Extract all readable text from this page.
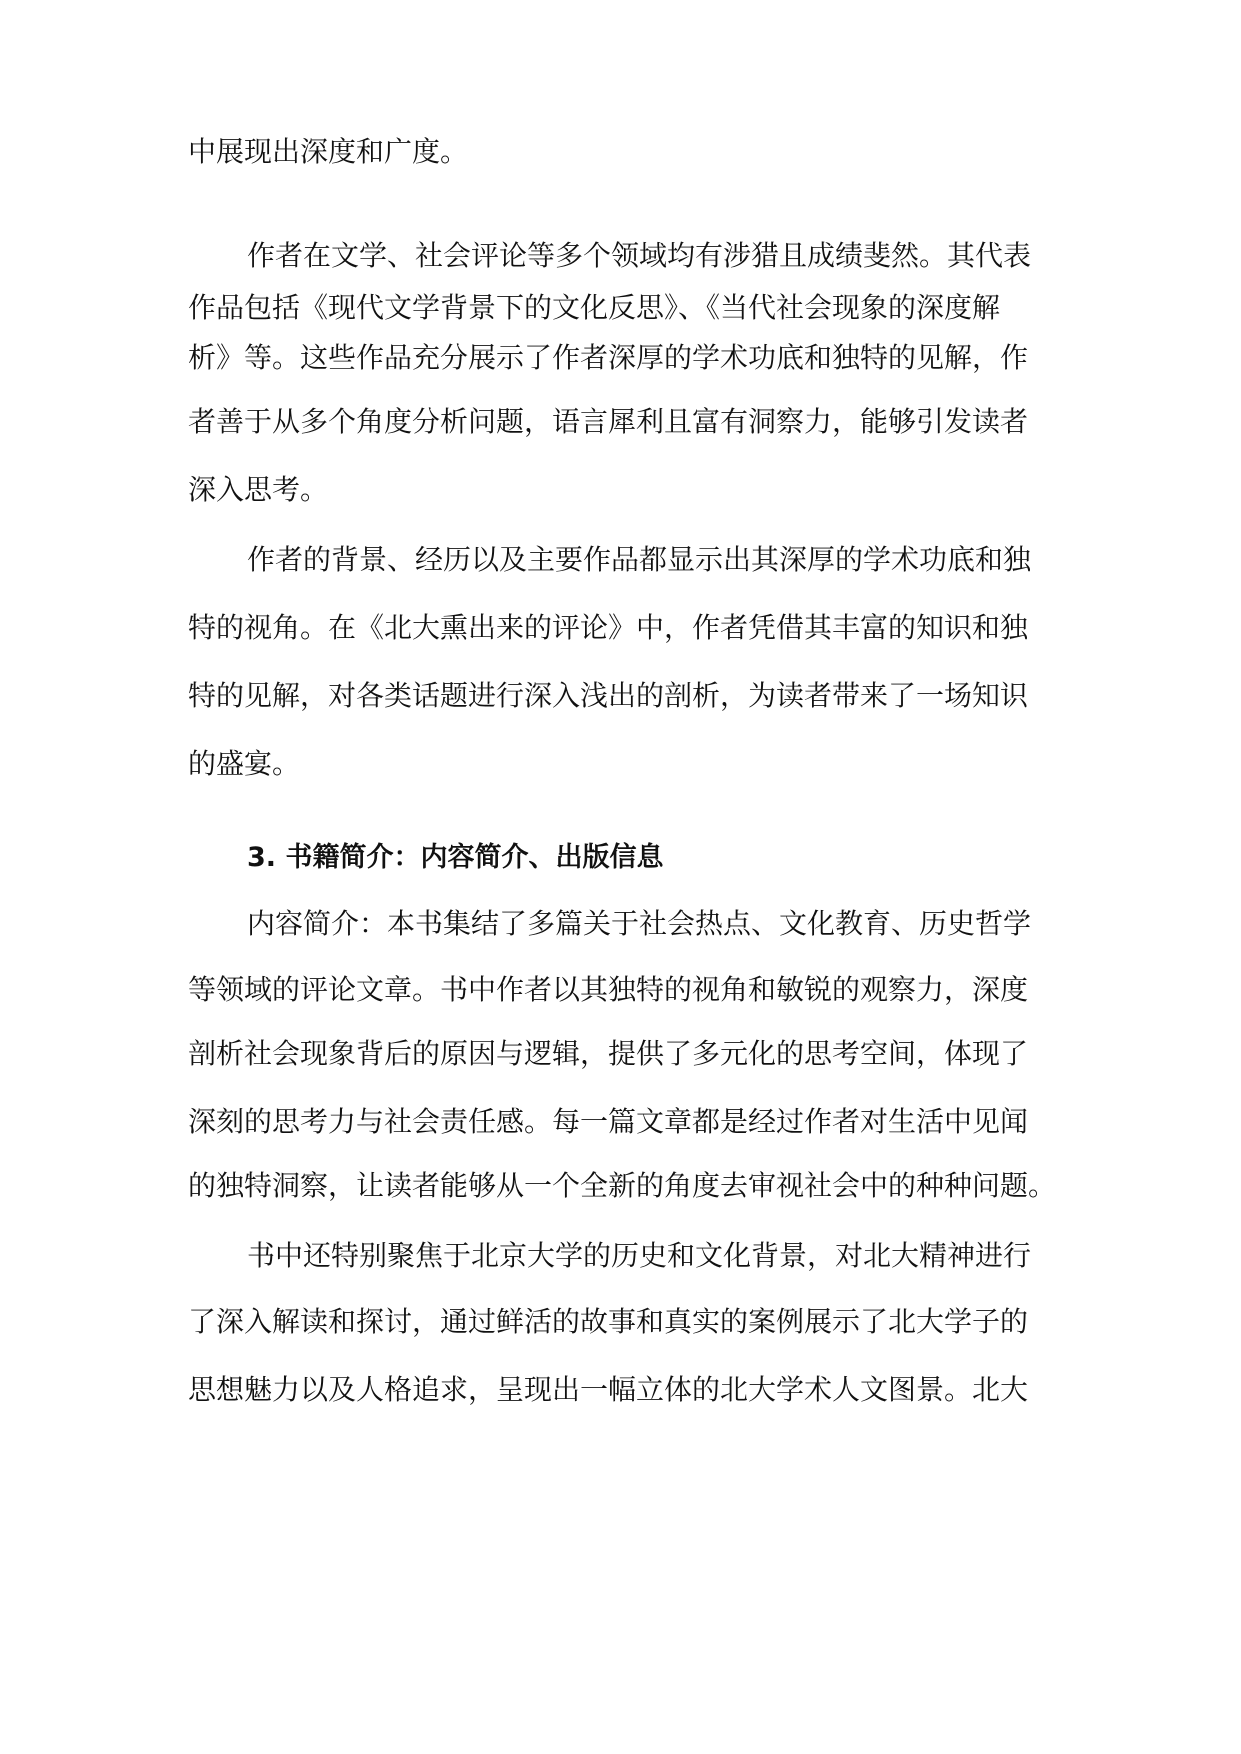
中展现出深度和广度。
作者在文学、社会评论等多个领域均有涉猎且成绩斐然。其代表
作品包括《现代文学背景下的文化反思》、《当代社会现象的深度解
析》等。这些作品充分展示了作者深厚的学术功底和独特的见解，作
者善于从多个角度分析问题，语言犀利且富有洞察力，能够引发读者
深入思考。
作者的背景、经历以及主要作品都显示出其深厚的学术功底和独
特的视角。在《北大熏出来的评论》中，作者凭借其丰富的知识和独
特的见解，对各类话题进行深入浅出的剖析，为读者带来了一场知识
的盛宴。
3. 书籍简介：内容简介、出版信息
内容简介：本书集结了多篇关于社会热点、文化教育、历史哲学
等领域的评论文章。书中作者以其独特的视角和敏锐的观察力，深度
剖析社会现象背后的原因与逻辑，提供了多元化的思考空间，体现了
深刻的思考力与社会责任感。每一篇文章都是经过作者对生活中见闻
的独特洞察，让读者能够从一个全新的角度去审视社会中的种种问题。
书中还特别聚焦于北京大学的历史和文化背景，对北大精神进行
了深入解读和探讨，通过鲜活的故事和真实的案例展示了北大学子的
思想魅力以及人格追求，呈现出一幅立体的北大学术人文图景。北大
